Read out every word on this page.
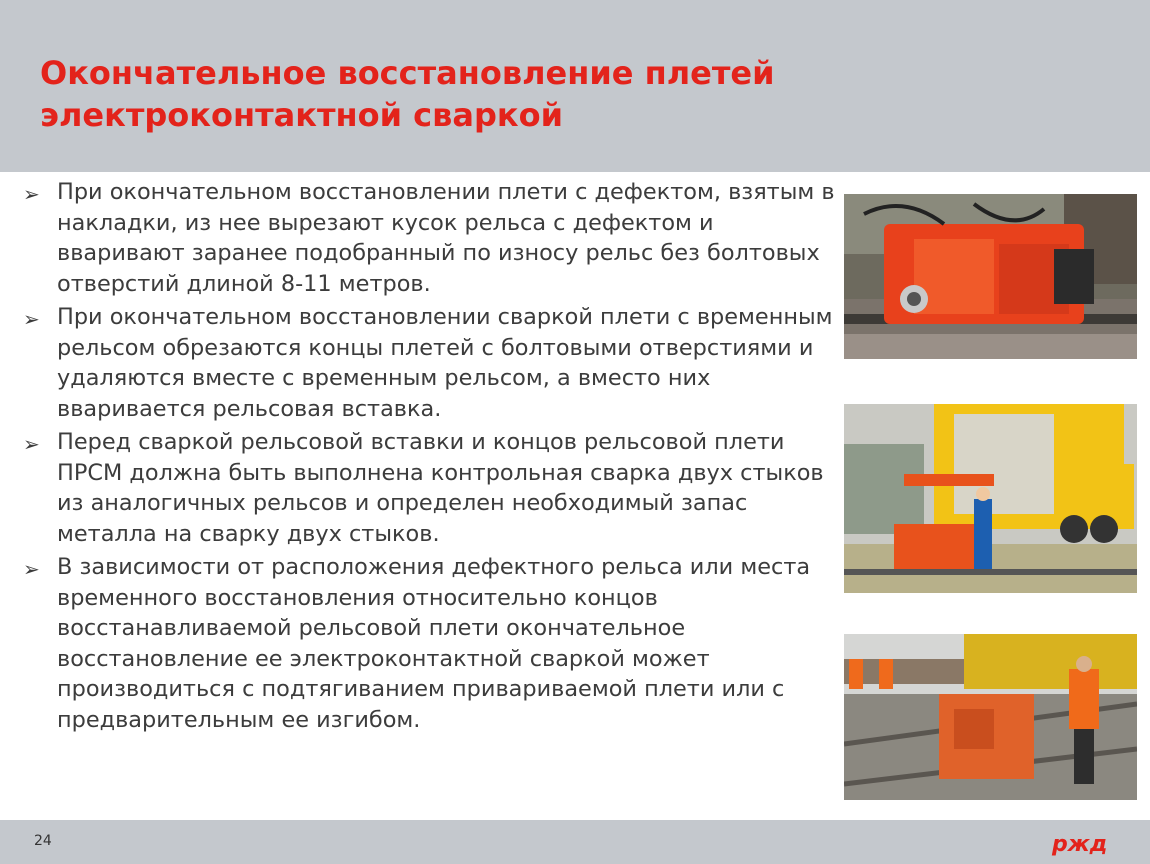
Окончательное восстановление плетей электроконтактной сваркой
➢ При окончательном восстановлении плети с дефектом, взятым в накладки, из нее вырезают кусок рельса с дефектом и вваривают заранее подобранный по износу рельс без болтовых отверстий длиной 8-11 метров.
➢ При окончательном восстановлении сваркой плети с временным рельсом обрезаются концы плетей с болтовыми отверстиями и удаляются вместе с временным рельсом, а вместо них вваривается рельсовая вставка.
➢ Перед сваркой рельсовой вставки и концов рельсовой плети ПРСМ должна быть выполнена контрольная сварка двух стыков из аналогичных рельсов и определен необходимый запас металла на сварку двух стыков.
➢ В зависимости от расположения дефектного рельса или места временного восстановления относительно концов восстанавливаемой рельсовой плети окончательное восстановление ее электроконтактной сваркой может производиться с подтягиванием привариваемой плети или с предварительным ее изгибом.
24	ржд
